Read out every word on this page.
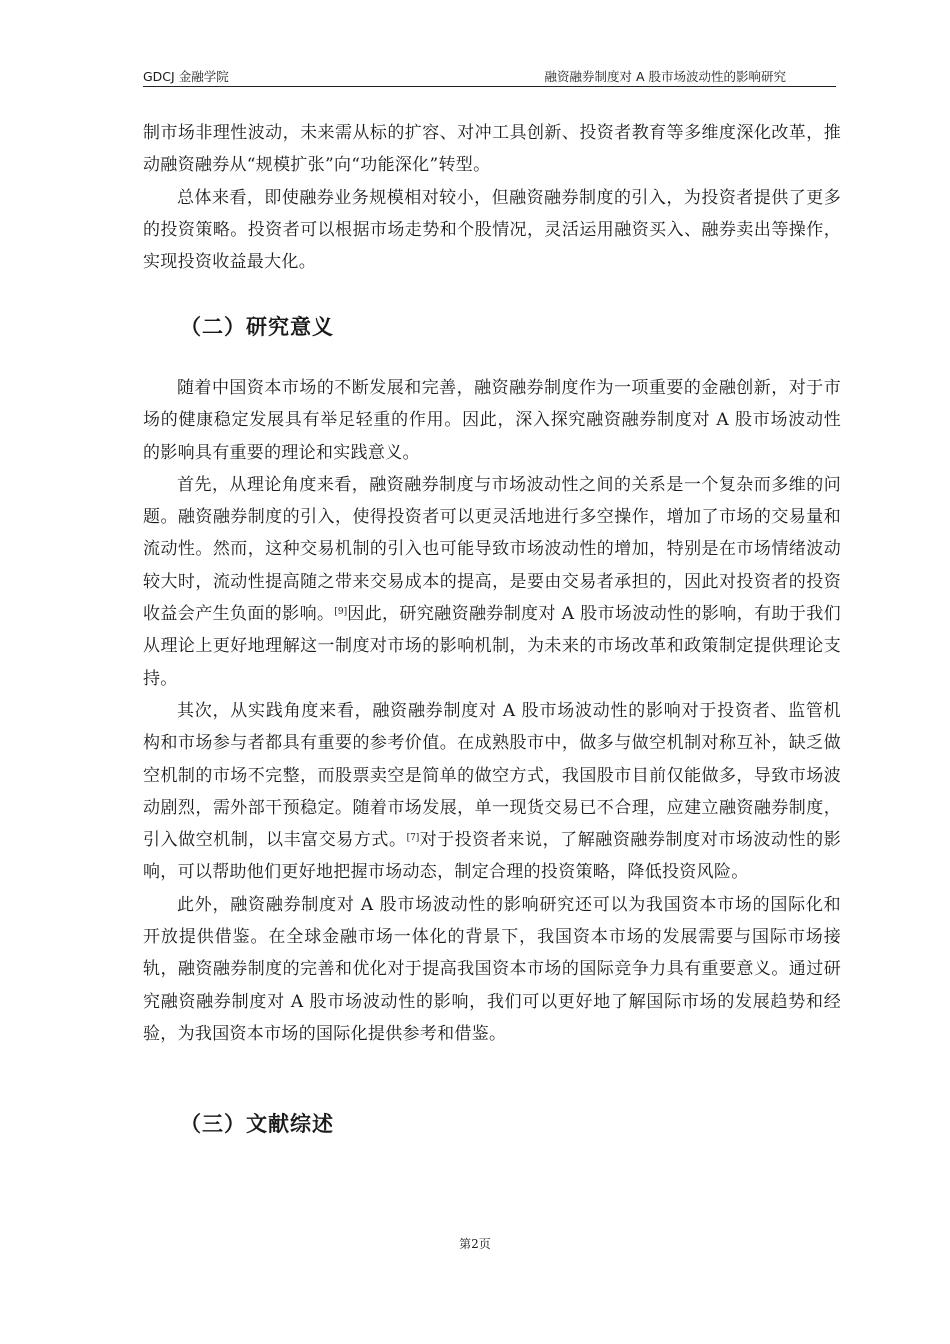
GDCJ 金融学院	融资融券制度对 A 股市场波动性的影响研究

制市场非理性波动，未来需从标的扩容、对冲工具创新、投资者教育等多维度深化改革，推动融资融券从“规模扩张”向“功能深化”转型。

总体来看，即使融券业务规模相对较小，但融资融券制度的引入，为投资者提供了更多的投资策略。投资者可以根据市场走势和个股情况，灵活运用融资买入、融券卖出等操作，实现投资收益最大化。

（二）研究意义

随着中国资本市场的不断发展和完善，融资融券制度作为一项重要的金融创新，对于市场的健康稳定发展具有举足轻重的作用。因此，深入探究融资融券制度对 A 股市场波动性的影响具有重要的理论和实践意义。

首先，从理论角度来看，融资融券制度与市场波动性之间的关系是一个复杂而多维的问题。融资融券制度的引入，使得投资者可以更灵活地进行多空操作，增加了市场的交易量和流动性。然而，这种交易机制的引入也可能导致市场波动性的增加，特别是在市场情绪波动较大时，流动性提高随之带来交易成本的提高，是要由交易者承担的，因此对投资者的投资收益会产生负面的影响。[9]因此，研究融资融券制度对 A 股市场波动性的影响，有助于我们从理论上更好地理解这一制度对市场的影响机制，为未来的市场改革和政策制定提供理论支持。

其次，从实践角度来看，融资融券制度对 A 股市场波动性的影响对于投资者、监管机构和市场参与者都具有重要的参考价值。在成熟股市中，做多与做空机制对称互补，缺乏做空机制的市场不完整，而股票卖空是简单的做空方式，我国股市目前仅能做多，导致市场波动剧烈，需外部干预稳定。随着市场发展，单一现货交易已不合理，应建立融资融券制度，引入做空机制，以丰富交易方式。[7]对于投资者来说，了解融资融券制度对市场波动性的影响，可以帮助他们更好地把握市场动态，制定合理的投资策略，降低投资风险。

此外，融资融券制度对 A 股市场波动性的影响研究还可以为我国资本市场的国际化和开放提供借鉴。在全球金融市场一体化的背景下，我国资本市场的发展需要与国际市场接轨，融资融券制度的完善和优化对于提高我国资本市场的国际竞争力具有重要意义。通过研究融资融券制度对 A 股市场波动性的影响，我们可以更好地了解国际市场的发展趋势和经验，为我国资本市场的国际化提供参考和借鉴。

（三）文献综述
第2页
